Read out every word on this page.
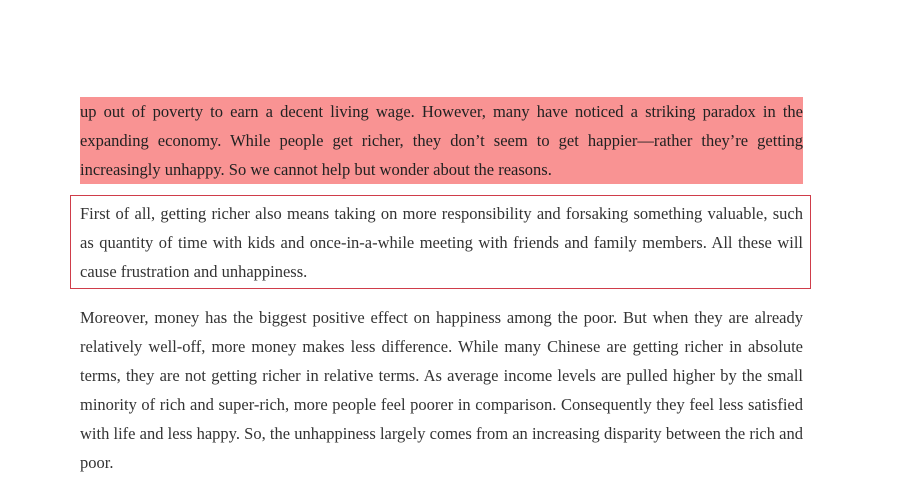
up out of poverty to earn a decent living wage. However, many have noticed a striking paradox in the expanding economy. While people get richer, they don’t seem to get happier—rather they’re getting increasingly unhappy. So we cannot help but wonder about the reasons.

First of all, getting richer also means taking on more responsibility and forsaking something valuable, such as quantity of time with kids and once-in-a-while meeting with friends and family members. All these will cause frustration and unhappiness.

Moreover, money has the biggest positive effect on happiness among the poor. But when they are already relatively well-off, more money makes less difference. While many Chinese are getting richer in absolute terms, they are not getting richer in relative terms. As average income levels are pulled higher by the small minority of rich and super-rich, more people feel poorer in comparison. Consequently they feel less satisfied with life and less happy. So, the unhappiness largely comes from an increasing disparity between the rich and poor.
